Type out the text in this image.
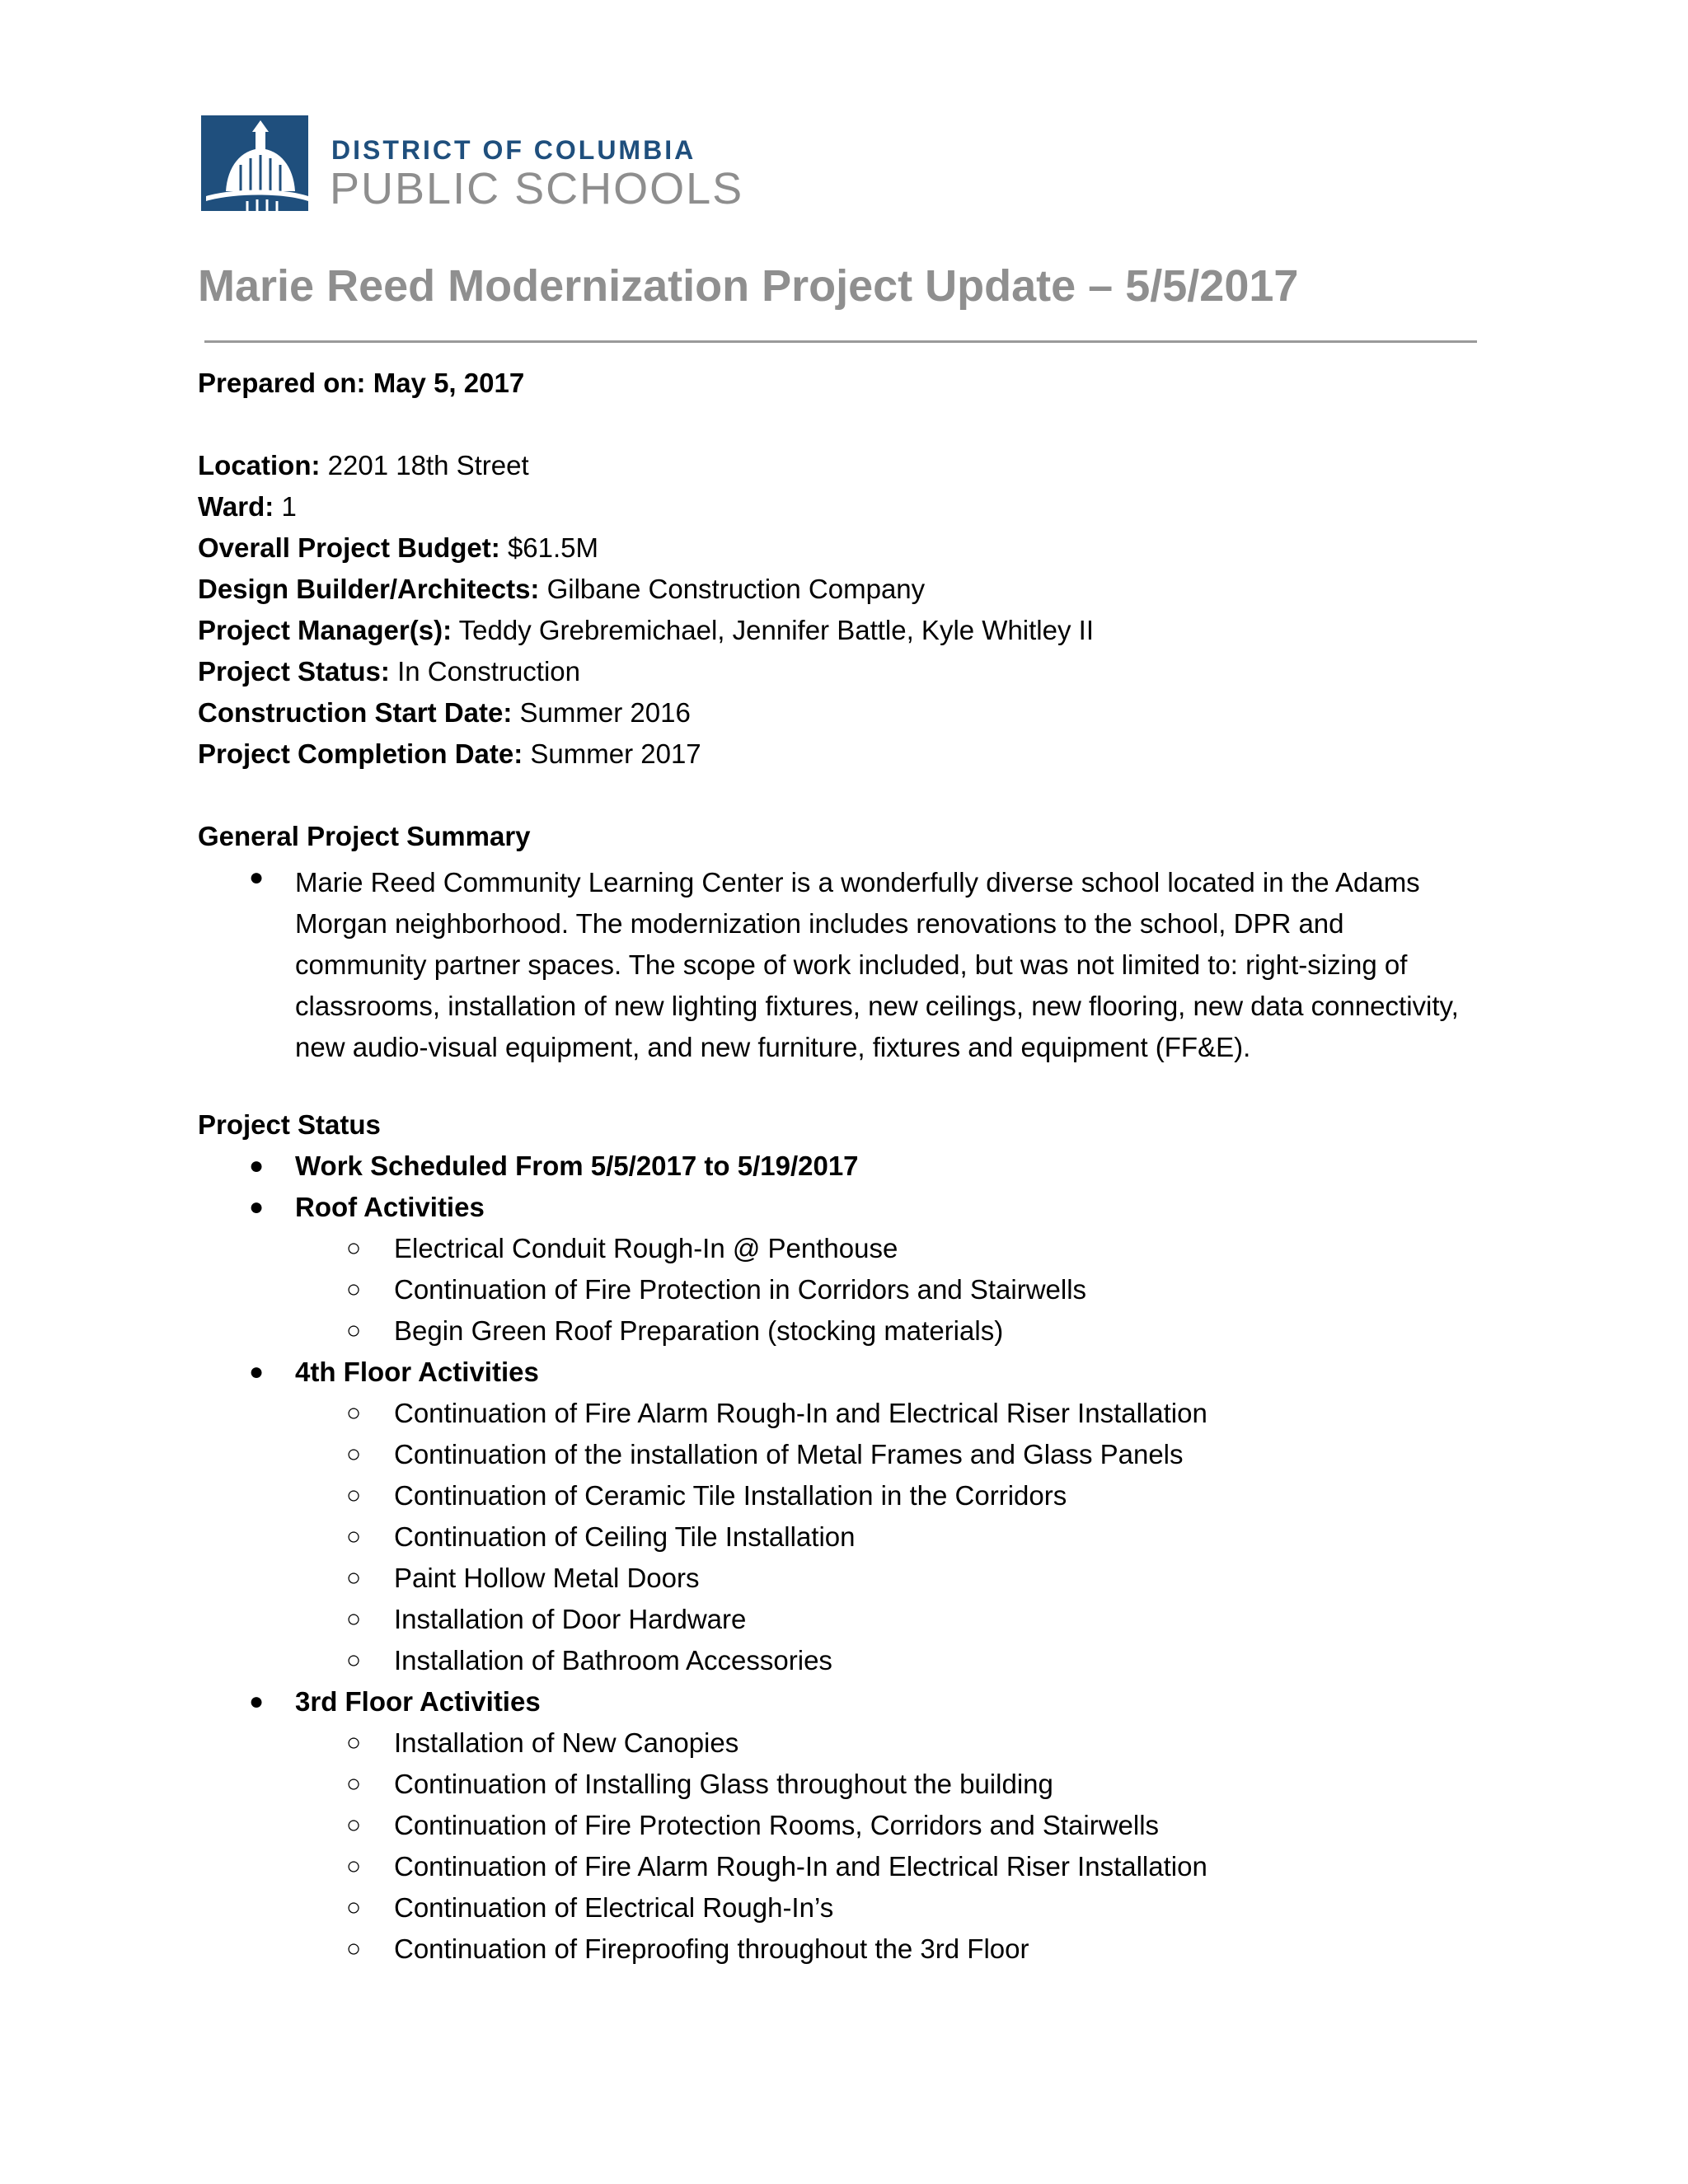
DISTRICT OF COLUMBIA
PUBLIC SCHOOLS
Marie Reed Modernization Project Update – 5/5/2017
Prepared on: May 5, 2017
Location: 2201 18th Street
Ward: 1
Overall Project Budget: $61.5M
Design Builder/Architects: Gilbane Construction Company
Project Manager(s): Teddy Grebremichael, Jennifer Battle, Kyle Whitley II
Project Status: In Construction
Construction Start Date: Summer 2016
Project Completion Date: Summer 2017
General Project Summary
● Marie Reed Community Learning Center is a wonderfully diverse school located in the Adams Morgan neighborhood. The modernization includes renovations to the school, DPR and community partner spaces. The scope of work included, but was not limited to: right-sizing of classrooms, installation of new lighting fixtures, new ceilings, new flooring, new data connectivity, new audio-visual equipment, and new furniture, fixtures and equipment (FF&E).
Project Status
● Work Scheduled From 5/5/2017 to 5/19/2017
● Roof Activities
○ Electrical Conduit Rough-In @ Penthouse
○ Continuation of Fire Protection in Corridors and Stairwells
○ Begin Green Roof Preparation (stocking materials)
● 4th Floor Activities
○ Continuation of Fire Alarm Rough-In and Electrical Riser Installation
○ Continuation of the installation of Metal Frames and Glass Panels
○ Continuation of Ceramic Tile Installation in the Corridors
○ Continuation of Ceiling Tile Installation
○ Paint Hollow Metal Doors
○ Installation of Door Hardware
○ Installation of Bathroom Accessories
● 3rd Floor Activities
○ Installation of New Canopies
○ Continuation of Installing Glass throughout the building
○ Continuation of Fire Protection Rooms, Corridors and Stairwells
○ Continuation of Fire Alarm Rough-In and Electrical Riser Installation
○ Continuation of Electrical Rough-In’s
○ Continuation of Fireproofing throughout the 3rd Floor
